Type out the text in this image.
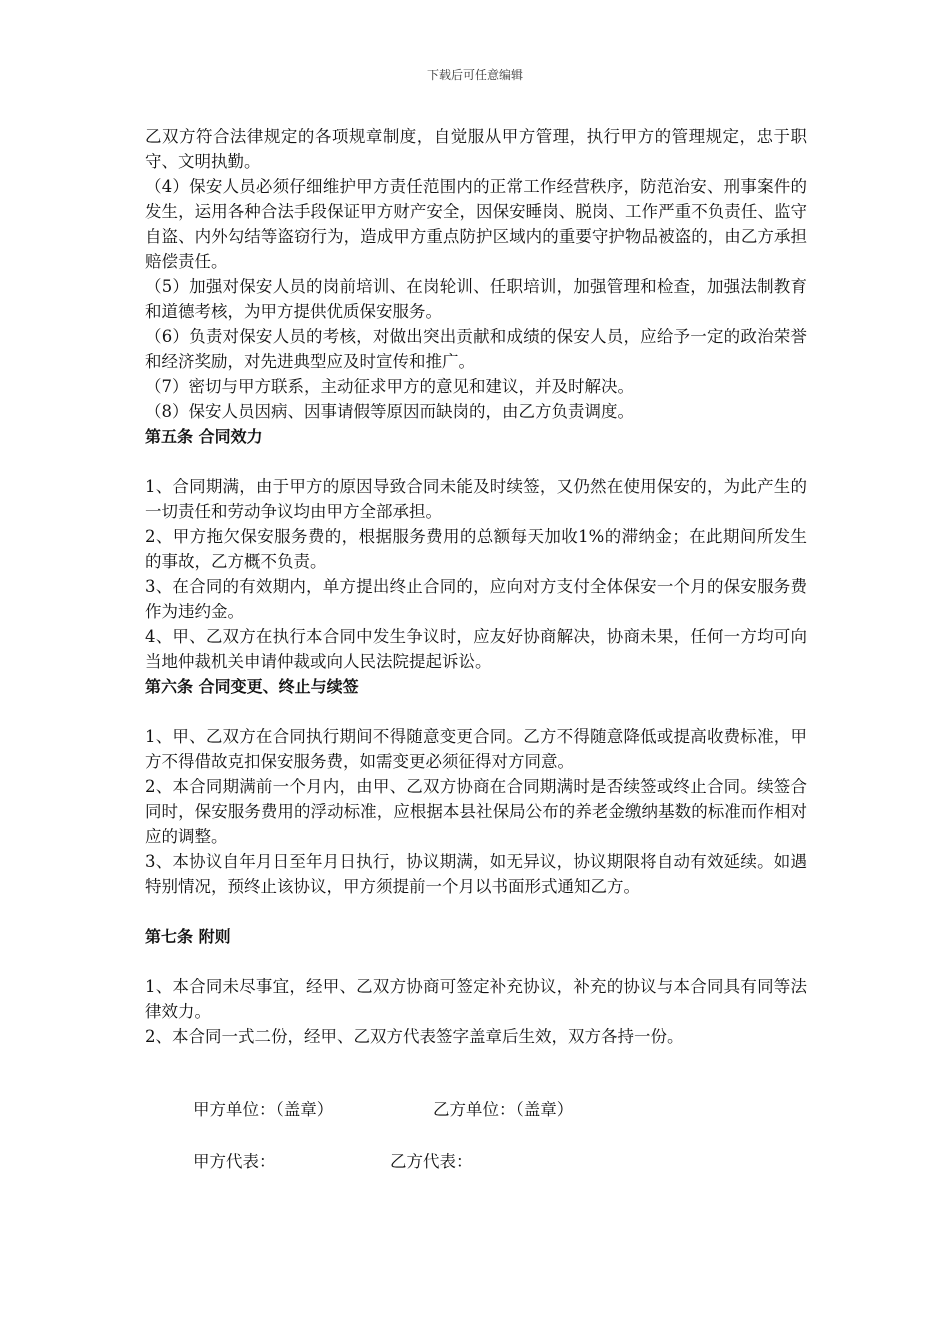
下载后可任意编辑

乙双方符合法律规定的各项规章制度，自觉服从甲方管理，执行甲方的管理规定，忠于职守、文明执勤。

（4）保安人员必须仔细维护甲方责任范围内的正常工作经营秩序，防范治安、刑事案件的发生，运用各种合法手段保证甲方财产安全，因保安睡岗、脱岗、工作严重不负责任、监守自盗、内外勾结等盗窃行为，造成甲方重点防护区域内的重要守护物品被盗的，由乙方承担赔偿责任。

（5）加强对保安人员的岗前培训、在岗轮训、任职培训，加强管理和检查，加强法制教育和道德考核，为甲方提供优质保安服务。

（6）负责对保安人员的考核，对做出突出贡献和成绩的保安人员，应给予一定的政治荣誉和经济奖励，对先进典型应及时宣传和推广。

（7）密切与甲方联系，主动征求甲方的意见和建议，并及时解决。

（8）保安人员因病、因事请假等原因而缺岗的，由乙方负责调度。

第五条 合同效力

1、合同期满，由于甲方的原因导致合同未能及时续签，又仍然在使用保安的，为此产生的一切责任和劳动争议均由甲方全部承担。

2、甲方拖欠保安服务费的，根据服务费用的总额每天加收1%的滞纳金；在此期间所发生的事故，乙方概不负责。

3、在合同的有效期内，单方提出终止合同的，应向对方支付全体保安一个月的保安服务费作为违约金。

4、甲、乙双方在执行本合同中发生争议时，应友好协商解决，协商未果，任何一方均可向当地仲裁机关申请仲裁或向人民法院提起诉讼。

第六条 合同变更、终止与续签

1、甲、乙双方在合同执行期间不得随意变更合同。乙方不得随意降低或提高收费标准，甲方不得借故克扣保安服务费，如需变更必须征得对方同意。

2、本合同期满前一个月内，由甲、乙双方协商在合同期满时是否续签或终止合同。续签合同时，保安服务费用的浮动标准，应根据本县社保局公布的养老金缴纳基数的标准而作相对应的调整。

3、本协议自年月日至年月日执行，协议期满，如无异议，协议期限将自动有效延续。如遇特别情况，预终止该协议，甲方须提前一个月以书面形式通知乙方。

第七条 附则

1、本合同未尽事宜，经甲、乙双方协商可签定补充协议，补充的协议与本合同具有同等法律效力。

2、本合同一式二份，经甲、乙双方代表签字盖章后生效，双方各持一份。

甲方单位：（盖章）	乙方单位：（盖章）
甲方代表：	乙方代表：
